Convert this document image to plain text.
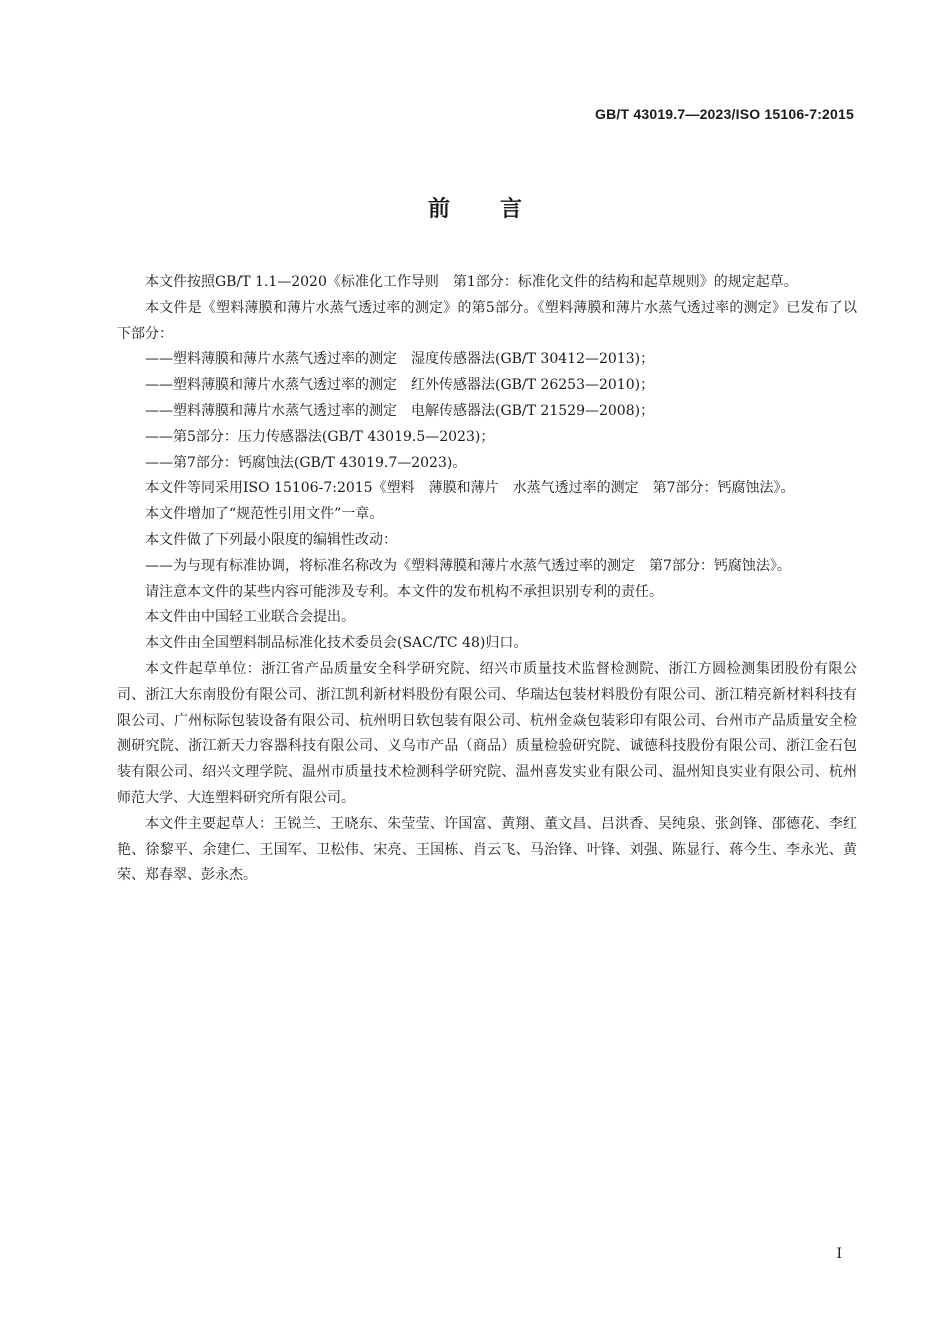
GB/T 43019.7—2023/ISO 15106-7:2015
前言

本文件按照GB/T 1.1—2020《标准化工作导则　第1部分：标准化文件的结构和起草规则》的规定起草。

本文件是《塑料薄膜和薄片水蒸气透过率的测定》的第5部分。《塑料薄膜和薄片水蒸气透过率的测定》已发布了以下部分：

——塑料薄膜和薄片水蒸气透过率的测定　湿度传感器法(GB/T 30412—2013)；

——塑料薄膜和薄片水蒸气透过率的测定　红外传感器法(GB/T 26253—2010)；

——塑料薄膜和薄片水蒸气透过率的测定　电解传感器法(GB/T 21529—2008)；

——第5部分：压力传感器法(GB/T 43019.5—2023)；

——第7部分：钙腐蚀法(GB/T 43019.7—2023)。

本文件等同采用ISO 15106-7:2015《塑料　薄膜和薄片　水蒸气透过率的测定　第7部分：钙腐蚀法》。

本文件增加了“规范性引用文件”一章。

本文件做了下列最小限度的编辑性改动：

——为与现有标准协调，将标准名称改为《塑料薄膜和薄片水蒸气透过率的测定　第7部分：钙腐蚀法》。

请注意本文件的某些内容可能涉及专利。本文件的发布机构不承担识别专利的责任。

本文件由中国轻工业联合会提出。

本文件由全国塑料制品标准化技术委员会(SAC/TC 48)归口。

本文件起草单位：浙江省产品质量安全科学研究院、绍兴市质量技术监督检测院、浙江方圆检测集团股份有限公司、浙江大东南股份有限公司、浙江凯利新材料股份有限公司、华瑞达包装材料股份有限公司、浙江精亮新材料科技有限公司、广州标际包装设备有限公司、杭州明日软包装有限公司、杭州金焱包装彩印有限公司、台州市产品质量安全检测研究院、浙江新天力容器科技有限公司、义乌市产品（商品）质量检验研究院、诚德科技股份有限公司、浙江金石包装有限公司、绍兴文理学院、温州市质量技术检测科学研究院、温州喜发实业有限公司、温州知良实业有限公司、杭州师范大学、大连塑料研究所有限公司。

本文件主要起草人：王锐兰、王晓东、朱莹莹、许国富、黄翔、董文昌、吕洪香、吴纯泉、张剑锋、邵德花、李红艳、徐黎平、余建仁、王国军、卫松伟、宋亮、王国栋、肖云飞、马治锋、叶锋、刘强、陈显行、蒋今生、李永光、黄荣、郑春翠、彭永杰。

I
